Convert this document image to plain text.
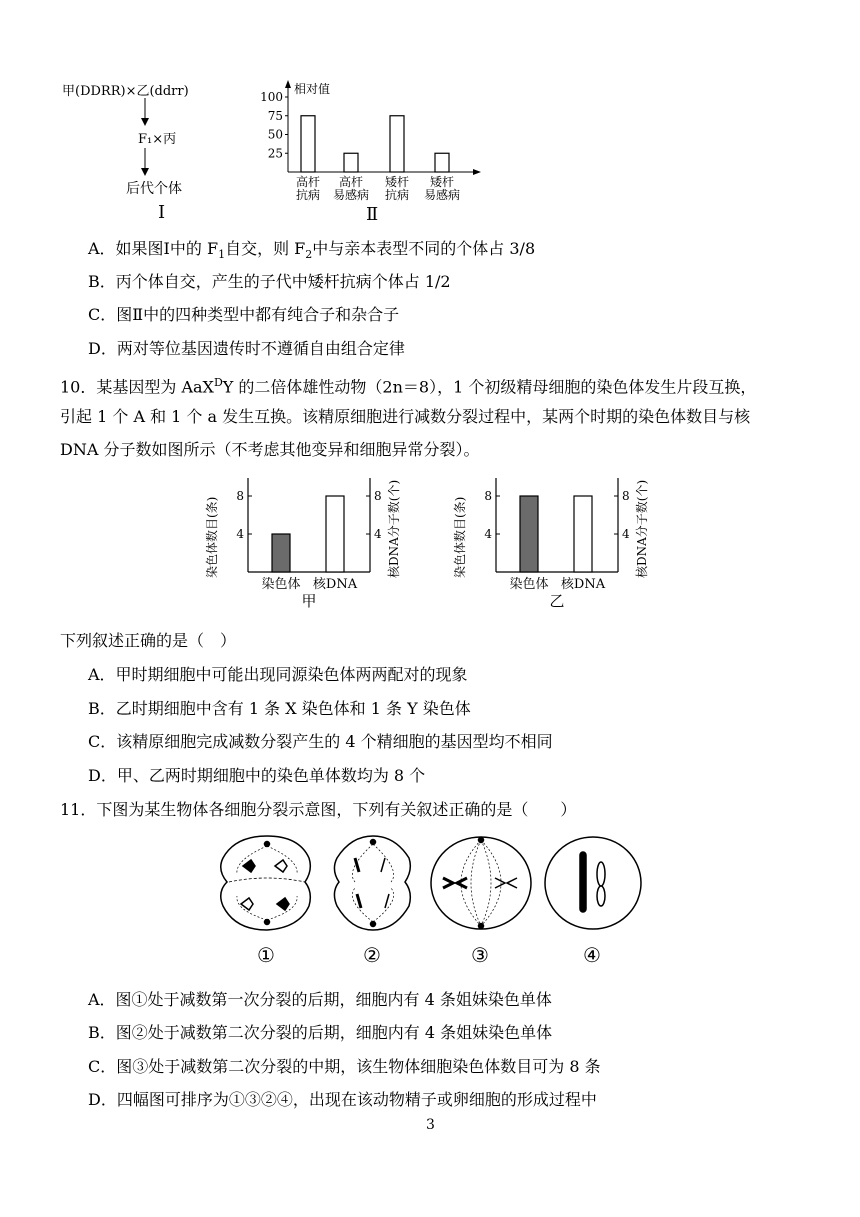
甲(DDRR)×乙(ddrr)
F₁×丙
后代个体
Ⅰ
相对值
25
50
75
100
高杆
抗病
高杆
易感病
矮杆
抗病
矮杆
易感病
Ⅱ
A．如果图Ⅰ中的 $F_1$自交，则 $F_2$中与亲本表型不同的个体占 3/8
B．丙个体自交，产生的子代中矮杆抗病个体占 1/2
C．图Ⅱ中的四种类型中都有纯合子和杂合子
D．两对等位基因遗传时不遵循自由组合定律
10．某基因型为 AaX$^D$Y 的二倍体雄性动物（2n＝8），1 个初级精母细胞的染色体发生片段互换，
引起 1 个 A 和 1 个 a 发生互换。该精原细胞进行减数分裂过程中，某两个时期的染色体数目与核
DNA 分子数如图所示（不考虑其他变异和细胞异常分裂）。
4	4
8	8
染色体数目(条)	核DNA分子数(个)
染色体 核DNA
甲
4	4
8	8
染色体数目(条)	核DNA分子数(个)
染色体 核DNA
乙
下列叙述正确的是（　）
A．甲时期细胞中可能出现同源染色体两两配对的现象
B．乙时期细胞中含有 1 条 X 染色体和 1 条 Y 染色体
C．该精原细胞完成减数分裂产生的 4 个精细胞的基因型均不相同
D．甲、乙两时期细胞中的染色单体数均为 8 个
11．下图为某生物体各细胞分裂示意图，下列有关叙述正确的是（　　）
①	②	③	④
A．图①处于减数第一次分裂的后期，细胞内有 4 条姐妹染色单体
B．图②处于减数第二次分裂的后期，细胞内有 4 条姐妹染色单体
C．图③处于减数第二次分裂的中期，该生物体细胞染色体数目可为 8 条
D．四幅图可排序为①③②④，出现在该动物精子或卵细胞的形成过程中
3
